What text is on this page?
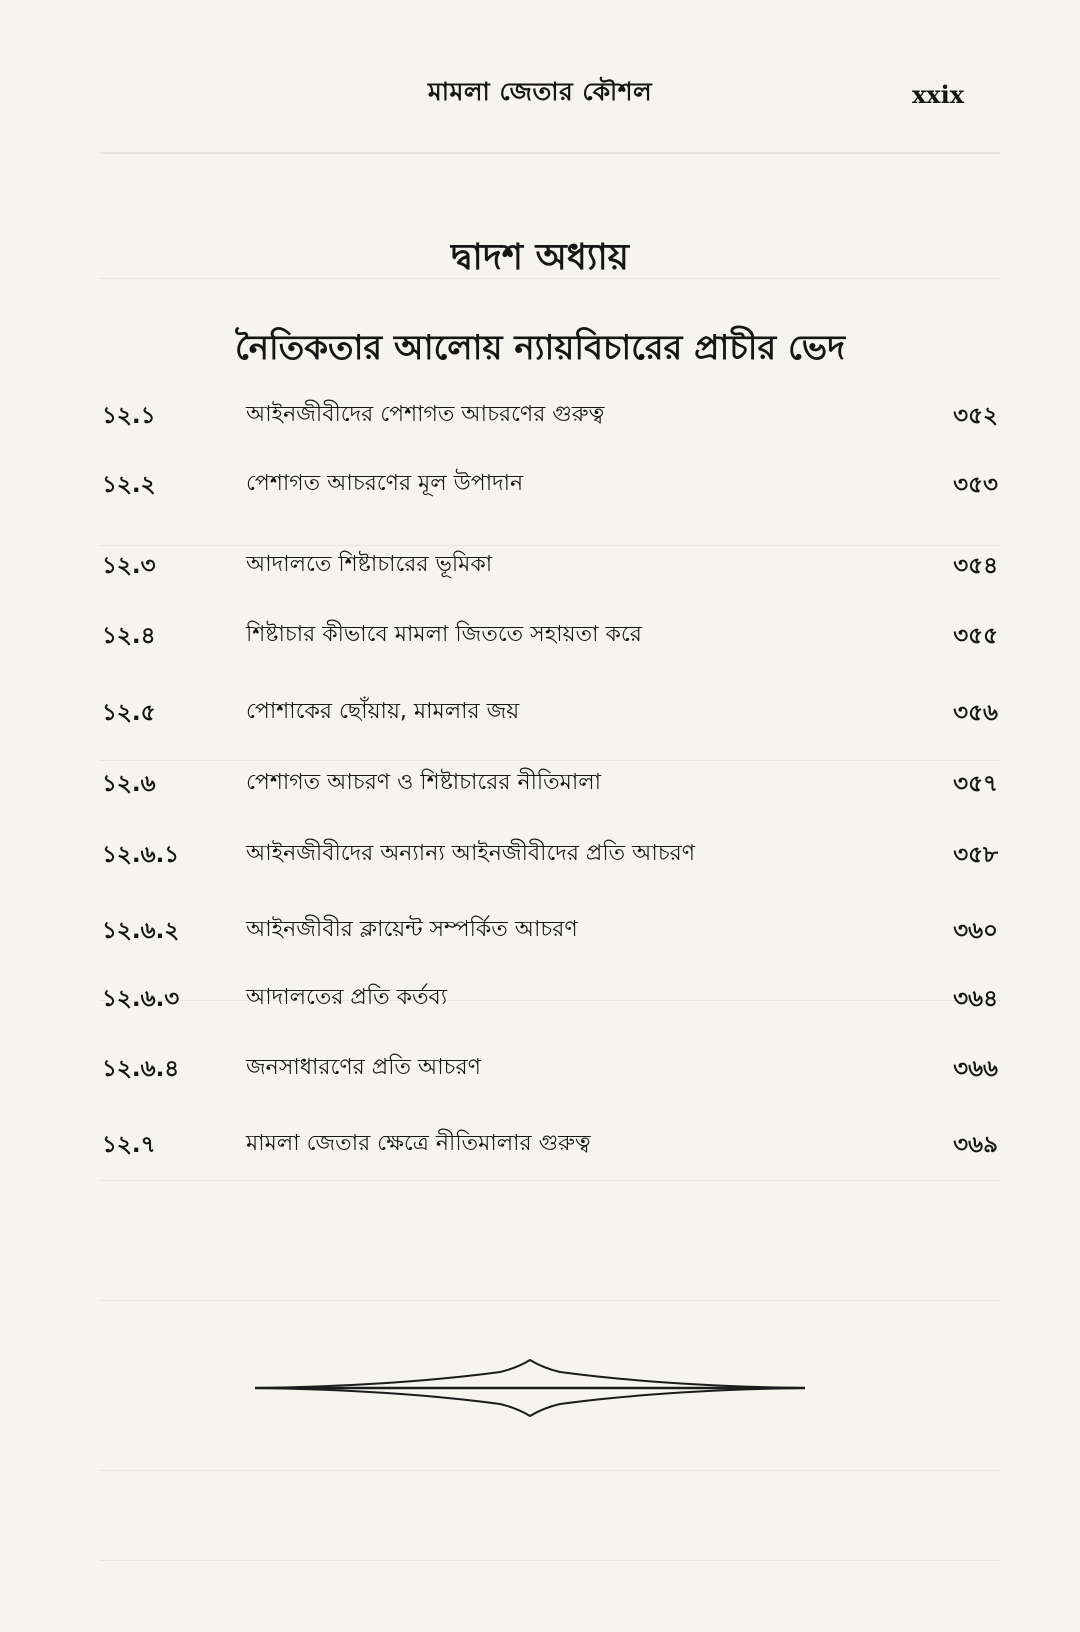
মামলা জেতার কৌশল	xxix
দ্বাদশ অধ্যায়
নৈতিকতার আলোয় ন্যায়বিচারের প্রাচীর ভেদ
১২.১	আইনজীবীদের পেশাগত আচরণের গুরুত্ব	৩৫২
১২.২	পেশাগত আচরণের মূল উপাদান	৩৫৩
১২.৩	আদালতে শিষ্টাচারের ভূমিকা	৩৫৪
১২.৪	শিষ্টাচার কীভাবে মামলা জিততে সহায়তা করে	৩৫৫
১২.৫	পোশাকের ছোঁয়ায়, মামলার জয়	৩৫৬
১২.৬	পেশাগত আচরণ ও শিষ্টাচারের নীতিমালা	৩৫৭
১২.৬.১	আইনজীবীদের অন্যান্য আইনজীবীদের প্রতি আচরণ	৩৫৮
১২.৬.২	আইনজীবীর ক্লায়েন্ট সম্পর্কিত আচরণ	৩৬০
১২.৬.৩	আদালতের প্রতি কর্তব্য	৩৬৪
১২.৬.৪	জনসাধারণের প্রতি আচরণ	৩৬৬
১২.৭	মামলা জেতার ক্ষেত্রে নীতিমালার গুরুত্ব	৩৬৯
